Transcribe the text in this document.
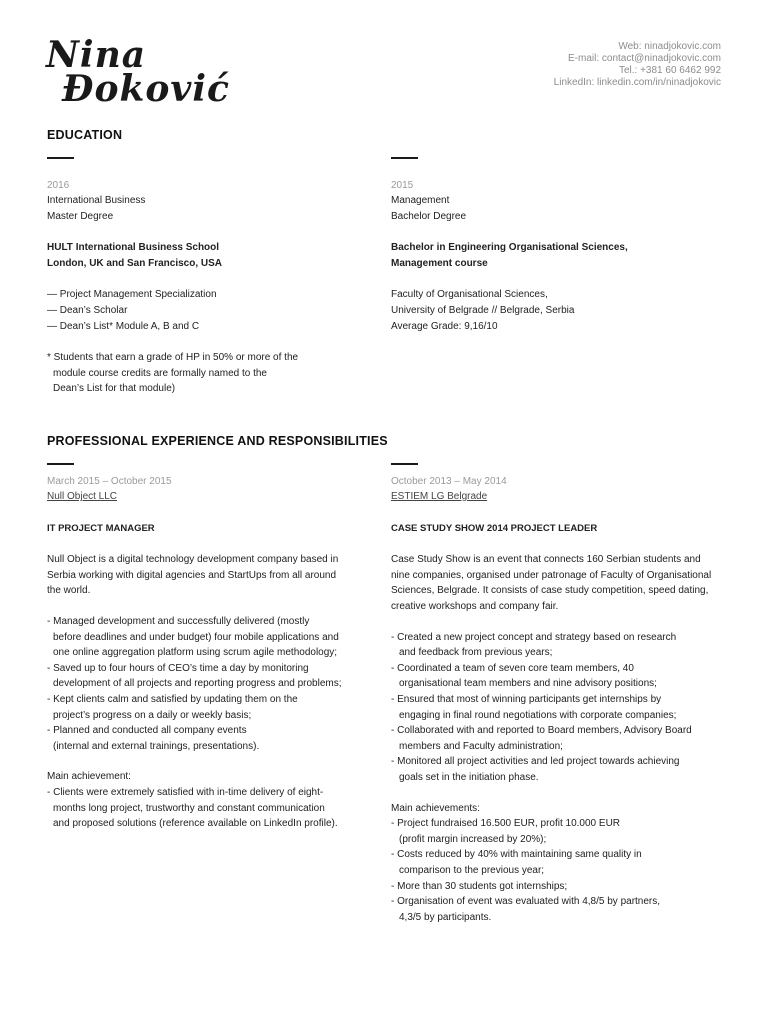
Nina
Đoković
Web: ninadjokovic.com
E-mail: contact@ninadjokovic.com
Tel.: +381 60 6462 992
LinkedIn: linkedin.com/in/ninadjokovic
EDUCATION

2016

International Business

Master Degree

HULT International Business School

London, UK and San Francisco, USA

— Project Management Specialization

— Dean’s Scholar

— Dean’s List* Module A, B and C

* Students that earn a grade of HP in 50% or more of the

module course credits are formally named to the

Dean’s List for that module)

2015

Management

Bachelor Degree

Bachelor in Engineering Organisational Sciences,

Management course

Faculty of Organisational Sciences,

University of Belgrade // Belgrade, Serbia

Average Grade: 9,16/10

PROFESSIONAL EXPERIENCE AND RESPONSIBILITIES

March 2015 – October 2015

Null Object LLC

IT PROJECT MANAGER

Null Object is a digital technology development company based in

Serbia working with digital agencies and StartUps from all around

the world.

- Managed development and successfully delivered (mostly

before deadlines and under budget) four mobile applications and

one online aggregation platform using scrum agile methodology;

- Saved up to four hours of CEO’s time a day by monitoring

development of all projects and reporting progress and problems;

- Kept clients calm and satisfied by updating them on the

project’s progress on a daily or weekly basis;

- Planned and conducted all company events

(internal and external trainings, presentations).

Main achievement:

- Clients were extremely satisfied with in-time delivery of eight-

months long project, trustworthy and constant communication

and proposed solutions (reference available on LinkedIn profile).

October 2013 – May 2014

ESTIEM LG Belgrade

CASE STUDY SHOW 2014 PROJECT LEADER

Case Study Show is an event that connects 160 Serbian students and

nine companies, organised under patronage of Faculty of Organisational

Sciences, Belgrade. It consists of case study competition, speed dating,

creative workshops and company fair.

- Created a new project concept and strategy based on research

and feedback from previous years;

- Coordinated a team of seven core team members, 40

organisational team members and nine advisory positions;

- Ensured that most of winning participants get internships by

engaging in final round negotiations with corporate companies;

- Collaborated with and reported to Board members, Advisory Board

members and Faculty administration;

- Monitored all project activities and led project towards achieving

goals set in the initiation phase.

Main achievements:

- Project fundraised 16.500 EUR, profit 10.000 EUR

(profit margin increased by 20%);

- Costs reduced by 40% with maintaining same quality in

comparison to the previous year;

- More than 30 students got internships;

- Organisation of event was evaluated with 4,8/5 by partners,

4,3/5 by participants.
